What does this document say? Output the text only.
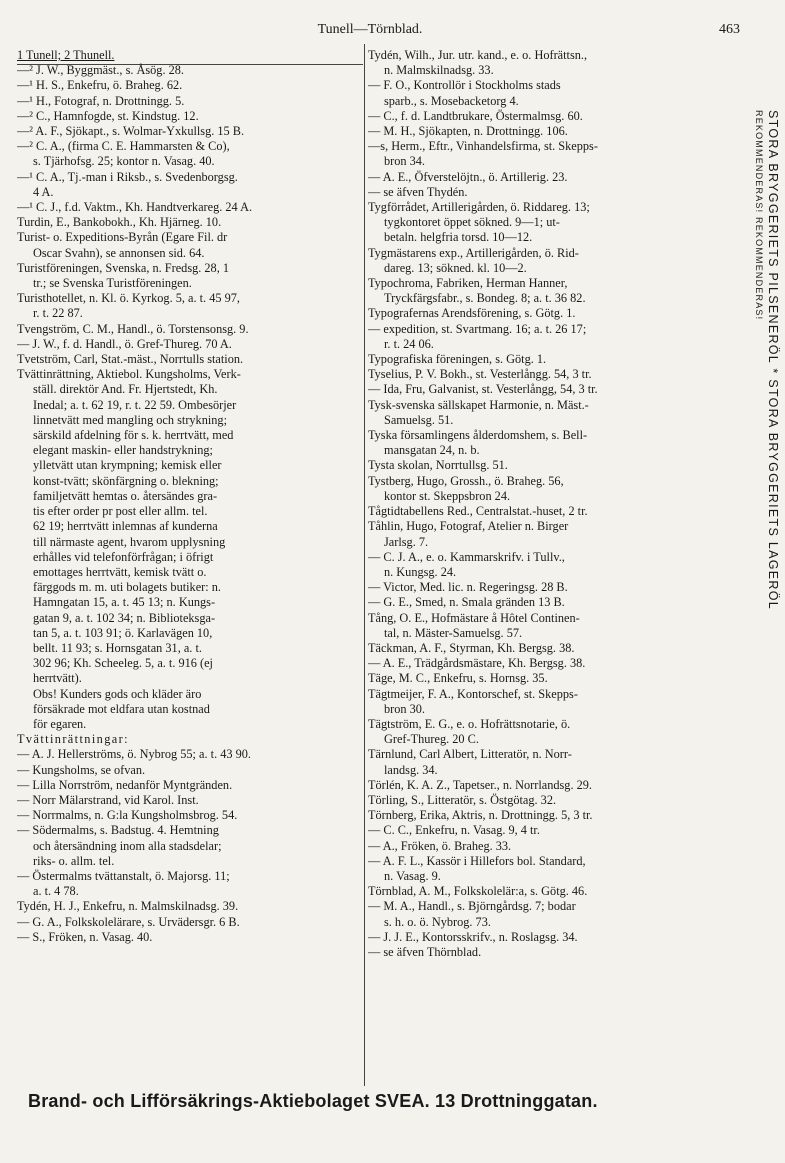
Tunell—Törnblad.	463
1 Tunell; 2 Thunell.
—² J. W., Byggmäst., s. Åsög. 28.
—¹ H. S., Enkefru, ö. Braheg. 62.
—¹ H., Fotograf, n. Drottningg. 5.
—² C., Hamnfogde, st. Kindstug. 12.
—² A. F., Sjökapt., s. Wolmar-Yxkullsg. 15 B.
—² C. A., (firma C. E. Hammarsten & Co),
s. Tjärhofsg. 25; kontor n. Vasag. 40.
—¹ C. A., Tj.-man i Riksb., s. Svedenborgsg.
4 A.
—¹ C. J., f.d. Vaktm., Kh. Handtverkareg. 24 A.
Turdin, E., Bankobokh., Kh. Hjärneg. 10.
Turist- o. Expeditions-Byrån (Egare Fil. dr
Oscar Svahn), se annonsen sid. 64.
Turistföreningen, Svenska, n. Fredsg. 28, 1
tr.; se Svenska Turistföreningen.
Turisthotellet, n. Kl. ö. Kyrkog. 5, a. t. 45 97,
r. t. 22 87.
Tvengström, C. M., Handl., ö. Torstensonsg. 9.
— J. W., f. d. Handl., ö. Gref-Thureg. 70 A.
Tvetström, Carl, Stat.-mäst., Norrtulls station.
Tvättinrättning, Aktiebol. Kungsholms, Verk-
ställ. direktör And. Fr. Hjertstedt, Kh.
Inedal; a. t. 62 19, r. t. 22 59. Ombesörjer
linnetvätt med mangling och strykning;
särskild afdelning för s. k. herrtvätt, med
elegant maskin- eller handstrykning;
ylletvätt utan krympning; kemisk eller
konst-tvätt; skönfärgning o. blekning;
familjetvätt hemtas o. återsändes gra-
tis efter order pr post eller allm. tel.
62 19; herrtvätt inlemnas af kunderna
till närmaste agent, hvarom upplysning
erhålles vid telefonförfrågan; i öfrigt
emottages herrtvätt, kemisk tvätt o.
färggods m. m. uti bolagets butiker: n.
Hamngatan 15, a. t. 45 13; n. Kungs-
gatan 9, a. t. 102 34; n. Biblioteksga-
tan 5, a. t. 103 91; ö. Karlavägen 10,
bellt. 11 93; s. Hornsgatan 31, a. t.
302 96; Kh. Scheeleg. 5, a. t. 916 (ej
herrtvätt).
Obs! Kunders gods och kläder äro
försäkrade mot eldfara utan kostnad
för egaren.
Tvättinrättningar:
— A. J. Hellerströms, ö. Nybrog 55; a. t. 43 90.
— Kungsholms, se ofvan.
— Lilla Norrström, nedanför Myntgränden.
— Norr Mälarstrand, vid Karol. Inst.
— Norrmalms, n. G:la Kungsholmsbrog. 54.
— Södermalms, s. Badstug. 4. Hemtning
och återsändning inom alla stadsdelar;
riks- o. allm. tel.
— Östermalms tvättanstalt, ö. Majorsg. 11;
a. t. 4 78.
Tydén, H. J., Enkefru, n. Malmskilnadsg. 39.
— G. A., Folkskolelärare, s. Urvädersgr. 6 B.
— S., Fröken, n. Vasag. 40.
Tydén, Wilh., Jur. utr. kand., e. o. Hofrättsn.,
n. Malmskilnadsg. 33.
— F. O., Kontrollör i Stockholms stads
sparb., s. Mosebacketorg 4.
— C., f. d. Landtbrukare, Östermalmsg. 60.
— M. H., Sjökapten, n. Drottningg. 106.
—s, Herm., Eftr., Vinhandelsfirma, st. Skepps-
bron 34.
— A. E., Öfverstelöjtn., ö. Artillerig. 23.
— se äfven Thydén.
Tygförrådet, Artillerigården, ö. Riddareg. 13;
tygkontoret öppet sökned. 9—1; ut-
betaln. helgfria torsd. 10—12.
Tygmästarens exp., Artillerigården, ö. Rid-
dareg. 13; sökned. kl. 10—2.
Typochroma, Fabriken, Herman Hanner,
Tryckfärgsfabr., s. Bondeg. 8; a. t. 36 82.
Typografernas Arendsförening, s. Götg. 1.
— expedition, st. Svartmang. 16; a. t. 26 17;
r. t. 24 06.
Typografiska föreningen, s. Götg. 1.
Tyselius, P. V. Bokh., st. Vesterlångg. 54, 3 tr.
— Ida, Fru, Galvanist, st. Vesterlångg, 54, 3 tr.
Tysk-svenska sällskapet Harmonie, n. Mäst.-
Samuelsg. 51.
Tyska församlingens ålderdomshem, s. Bell-
mansgatan 24, n. b.
Tysta skolan, Norrtullsg. 51.
Tystberg, Hugo, Grossh., ö. Braheg. 56,
kontor st. Skeppsbron 24.
Tågtidtabellens Red., Centralstat.-huset, 2 tr.
Tåhlin, Hugo, Fotograf, Atelier n. Birger
Jarlsg. 7.
— C. J. A., e. o. Kammarskrifv. i Tullv.,
n. Kungsg. 24.
— Victor, Med. lic. n. Regeringsg. 28 B.
— G. E., Smed, n. Smala gränden 13 B.
Tång, O. E., Hofmästare å Hôtel Continen-
tal, n. Mäster-Samuelsg. 57.
Täckman, A. F., Styrman, Kh. Bergsg. 38.
— A. E., Trädgårdsmästare, Kh. Bergsg. 38.
Täge, M. C., Enkefru, s. Hornsg. 35.
Tägtmeijer, F. A., Kontorschef, st. Skepps-
bron 30.
Tägtström, E. G., e. o. Hofrättsnotarie, ö.
Gref-Thureg. 20 C.
Tärnlund, Carl Albert, Litteratör, n. Norr-
landsg. 34.
Törlén, K. A. Z., Tapetser., n. Norrlandsg. 29.
Törling, S., Litteratör, s. Östgötag. 32.
Törnberg, Erika, Aktris, n. Drottningg. 5, 3 tr.
— C. C., Enkefru, n. Vasag. 9, 4 tr.
— A., Fröken, ö. Braheg. 33.
— A. F. L., Kassör i Hillefors bol. Standard,
n. Vasag. 9.
Törnblad, A. M., Folkskolelär:a, s. Götg. 46.
— M. A., Handl., s. Björngårdsg. 7; bodar
s. h. o. ö. Nybrog. 73.
— J. J. E., Kontorsskrifv., n. Roslagsg. 34.
— se äfven Thörnblad.
STORA BRYGGERIETS PILSENERÖL * STORA BRYGGERIETS LAGERÖL
REKOMMENDERAS! REKOMMENDERAS!
Brand- och Lifförsäkrings-Aktiebolaget SVEA. 13 Drottninggatan.
